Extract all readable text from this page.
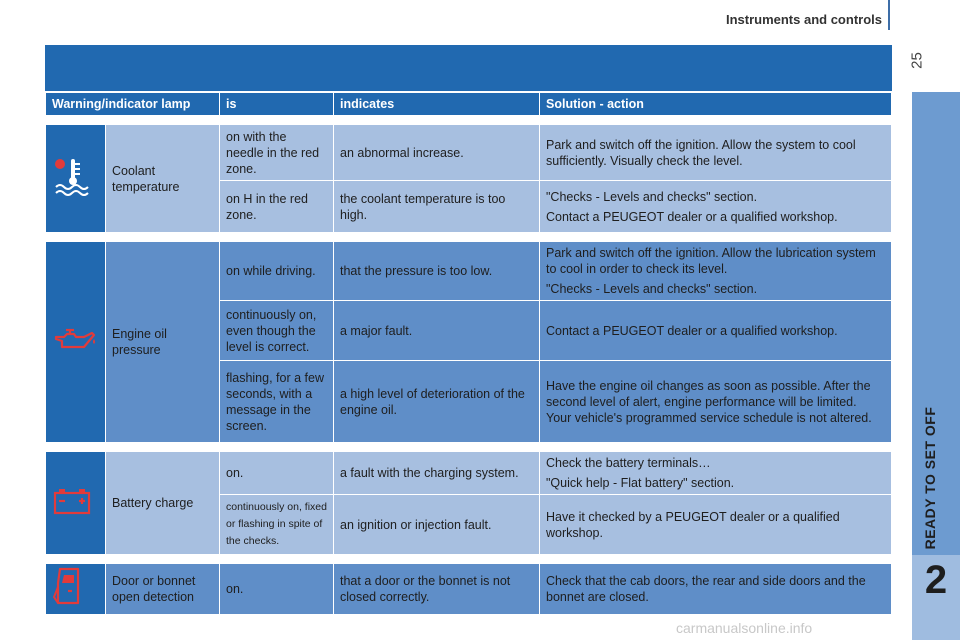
Instruments and controls
25
READY TO SET OFF
2
Warning/indicator lamp		is	indicates	Solution - action

	Coolant temperature	on with the needle in the red zone.	an abnormal increase.	Park and switch off the ignition. Allow the system to cool sufficiently. Visually check the level.

		on H in the red zone.	the coolant temperature is too high.	"Checks - Levels and checks" section.

Contact a PEUGEOT dealer or a qualified workshop.

	Engine oil pressure	on while driving.	that the pressure is too low.	Park and switch off the ignition. Allow the lubrication system to cool in order to check its level.

"Checks - Levels and checks" section.

		continuously on, even though the level is correct.	a major fault.	Contact a PEUGEOT dealer or a qualified workshop.

		flashing, for a few seconds, with a message in the screen.	a high level of deterioration of the engine oil.	Have the engine oil changes as soon as possible. After the second level of alert, engine performance will be limited. Your vehicle's programmed service schedule is not altered.

	Battery charge	on.	a fault with the charging system.	Check the battery terminals…

"Quick help - Flat battery" section.

		continuously on, fixed or flashing in spite of the checks.	an ignition or injection fault.	Have it checked by a PEUGEOT dealer or a qualified workshop.

	Door or bonnet open detection	on.	that a door or the bonnet is not closed correctly.	Check that the cab doors, the rear and side doors and the bonnet are closed.

carmanualsonline.info
